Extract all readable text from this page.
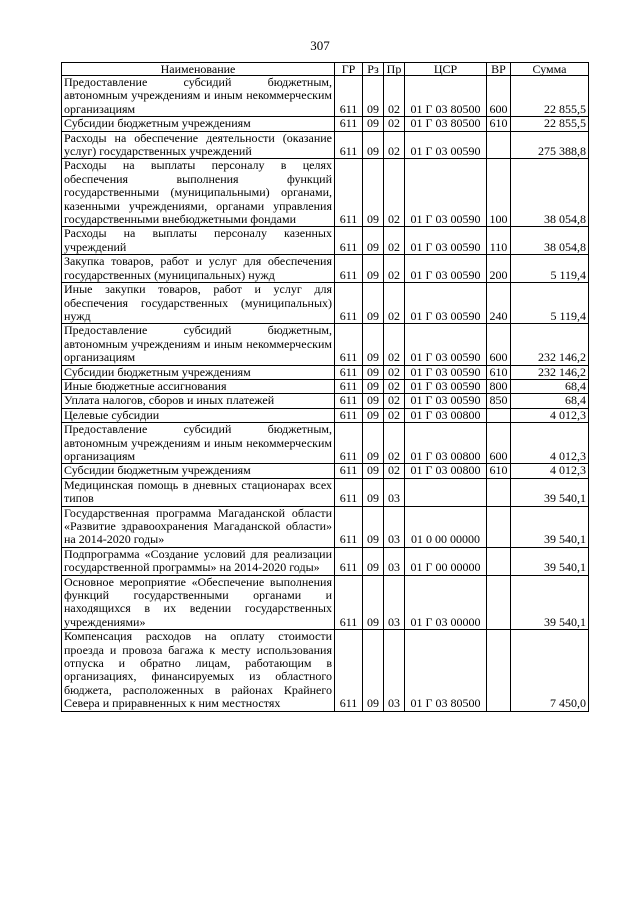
307
Наименование	ГР	Рз	Пр	ЦСР	ВР	Сумма
Предоставление субсидий бюджетным, автономным учреждениям и иным некоммерческим организациям	611	09	02	01 Г 03 80500	600	22 855,5
Субсидии бюджетным учреждениям	611	09	02	01 Г 03 80500	610	22 855,5
Расходы на обеспечение деятельности (оказание услуг) государственных учреждений	611	09	02	01 Г 03 00590		275 388,8
Расходы на выплаты персоналу в целях обеспечения выполнения функций государственными (муниципальными) органами, казенными учреждениями, органами управления государственными внебюджетными фондами	611	09	02	01 Г 03 00590	100	38 054,8
Расходы на выплаты персоналу казенных учреждений	611	09	02	01 Г 03 00590	110	38 054,8
Закупка товаров, работ и услуг для обеспечения государственных (муниципальных) нужд	611	09	02	01 Г 03 00590	200	5 119,4
Иные закупки товаров, работ и услуг для обеспечения государственных (муниципальных) нужд	611	09	02	01 Г 03 00590	240	5 119,4
Предоставление субсидий бюджетным, автономным учреждениям и иным некоммерческим организациям	611	09	02	01 Г 03 00590	600	232 146,2
Субсидии бюджетным учреждениям	611	09	02	01 Г 03 00590	610	232 146,2
Иные бюджетные ассигнования	611	09	02	01 Г 03 00590	800	68,4
Уплата налогов, сборов и иных платежей	611	09	02	01 Г 03 00590	850	68,4
Целевые субсидии	611	09	02	01 Г 03 00800		4 012,3
Предоставление субсидий бюджетным, автономным учреждениям и иным некоммерческим организациям	611	09	02	01 Г 03 00800	600	4 012,3
Субсидии бюджетным учреждениям	611	09	02	01 Г 03 00800	610	4 012,3
Медицинская помощь в дневных стационарах всех типов	611	09	03			39 540,1
Государственная программа Магаданской области «Развитие здравоохранения Магаданской области» на 2014-2020 годы»	611	09	03	01 0 00 00000		39 540,1
Подпрограмма «Создание условий для реализации государственной программы» на 2014-2020 годы»	611	09	03	01 Г 00 00000		39 540,1
Основное мероприятие «Обеспечение выполнения функций государственными органами и находящихся в их ведении государственных учреждениями»	611	09	03	01 Г 03 00000		39 540,1
Компенсация расходов на оплату стоимости проезда и провоза багажа к месту использования отпуска и обратно лицам, работающим в организациях, финансируемых из областного бюджета, расположенных в районах Крайнего Севера и приравненных к ним местностях	611	09	03	01 Г 03 80500		7 450,0
